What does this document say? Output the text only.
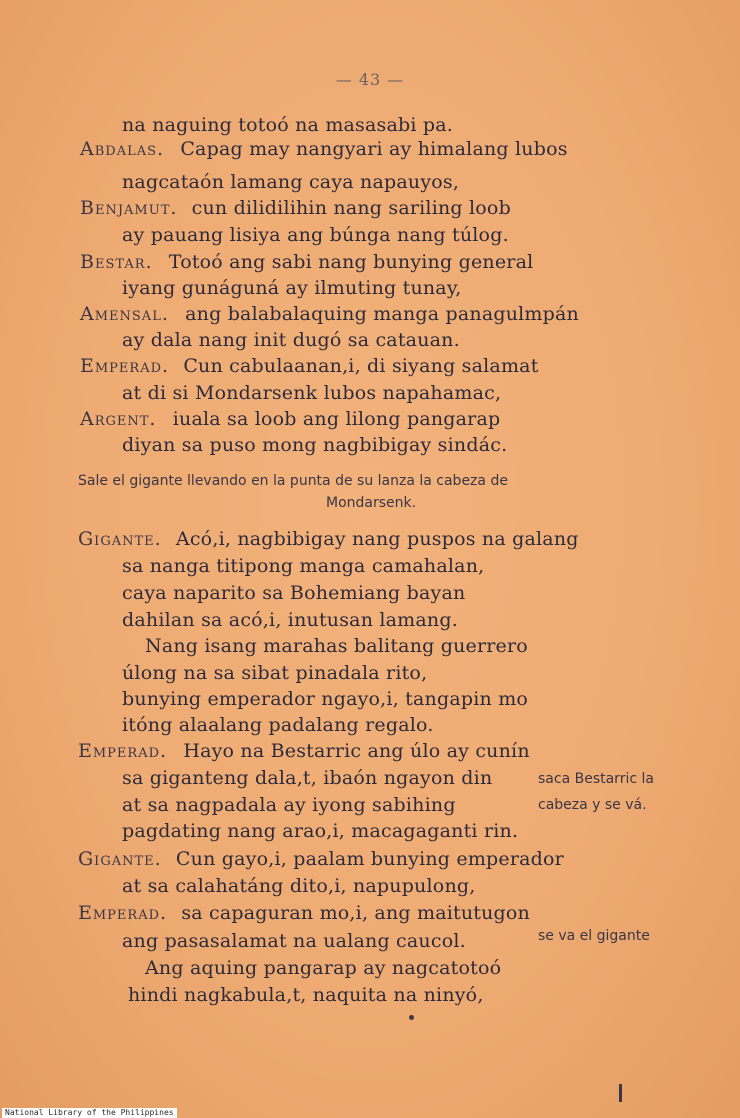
— 43 —
na naguing totoó na masasabi pa.
Abdalas. Capag may nangyari ay himalang lubos
nagcataón lamang caya napauyos,
Benjamut. cun dilidilihin nang sariling loob
ay pauang lisiya ang búnga nang túlog.
Bestar. Totoó ang sabi nang bunying general
iyang gunáguná ay ilmuting tunay,
Amensal. ang balabalaquing manga panagulmpán
ay dala nang init dugó sa catauan.
Emperad. Cun cabulaanan,i, di siyang salamat
at di si Mondarsenk lubos napahamac,
Argent. iuala sa loob ang lilong pangarap
diyan sa puso mong nagbibigay sindác.
Sale el gigante llevando en la punta de su lanza la cabeza de
Mondarsenk.
Gigante. Acó,i, nagbibigay nang puspos na galang
sa nanga titipong manga camahalan,
caya naparito sa Bohemiang bayan
dahilan sa acó,i, inutusan lamang.
Nang isang marahas balitang guerrero
úlong na sa sibat pinadala rito,
bunying emperador ngayo,i, tangapin mo
itóng alaalang padalang regalo.
Emperad. Hayo na Bestarric ang úlo ay cunín
sa giganteng dala,t, ibaón ngayon din
at sa nagpadala ay iyong sabihing
pagdating nang arao,i, macagaganti rin.
saca Bestarric la
cabeza y se vá.
Gigante. Cun gayo,i, paalam bunying emperador
at sa calahatáng dito,i, napupulong,
Emperad. sa capaguran mo,i, ang maitutugon
ang pasasalamat na ualang caucol.	se va el gigante
Ang aquing pangarap ay nagcatotoó
hindi nagkabula,t, naquita na ninyó,
National Library of the Philippines
